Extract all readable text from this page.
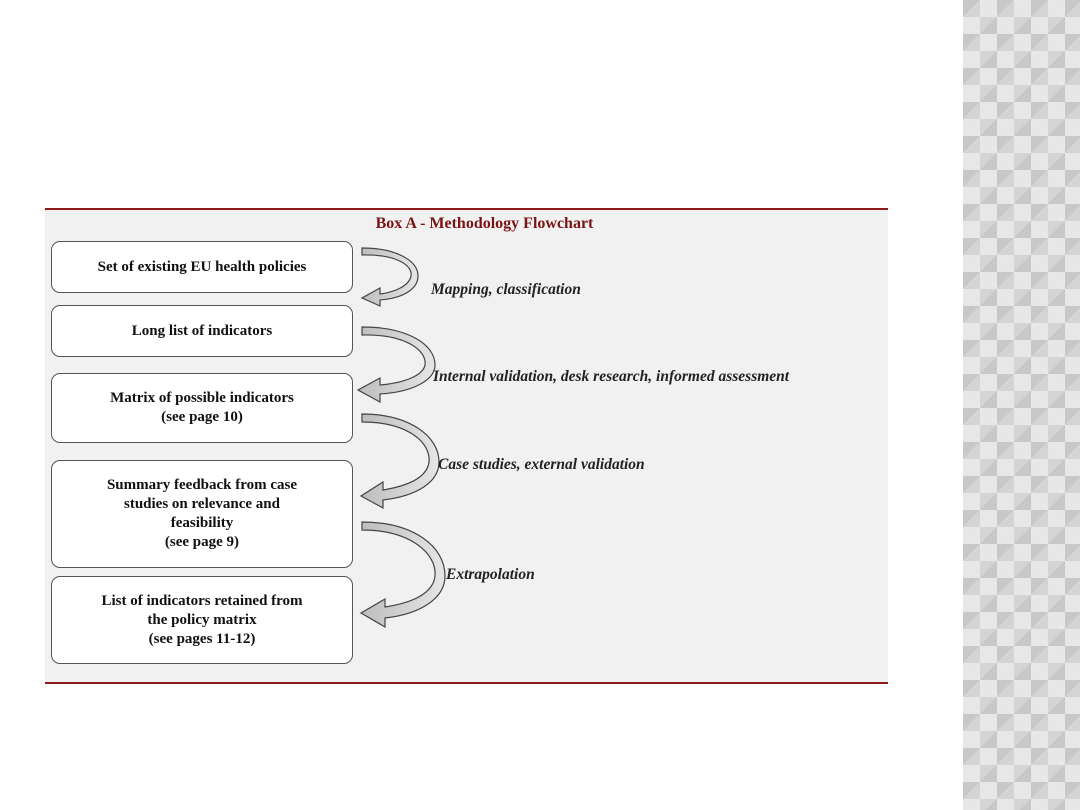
Box A - Methodology Flowchart
Set of existing EU health policies
Long list of indicators
Matrix of possible indicators
(see page 10)
Summary feedback from case
studies on relevance and
feasibility
(see page 9)
List of indicators retained from
the policy matrix
(see pages 11-12)
Mapping, classification
Internal validation, desk research, informed assessment
Case studies, external validation
Extrapolation
